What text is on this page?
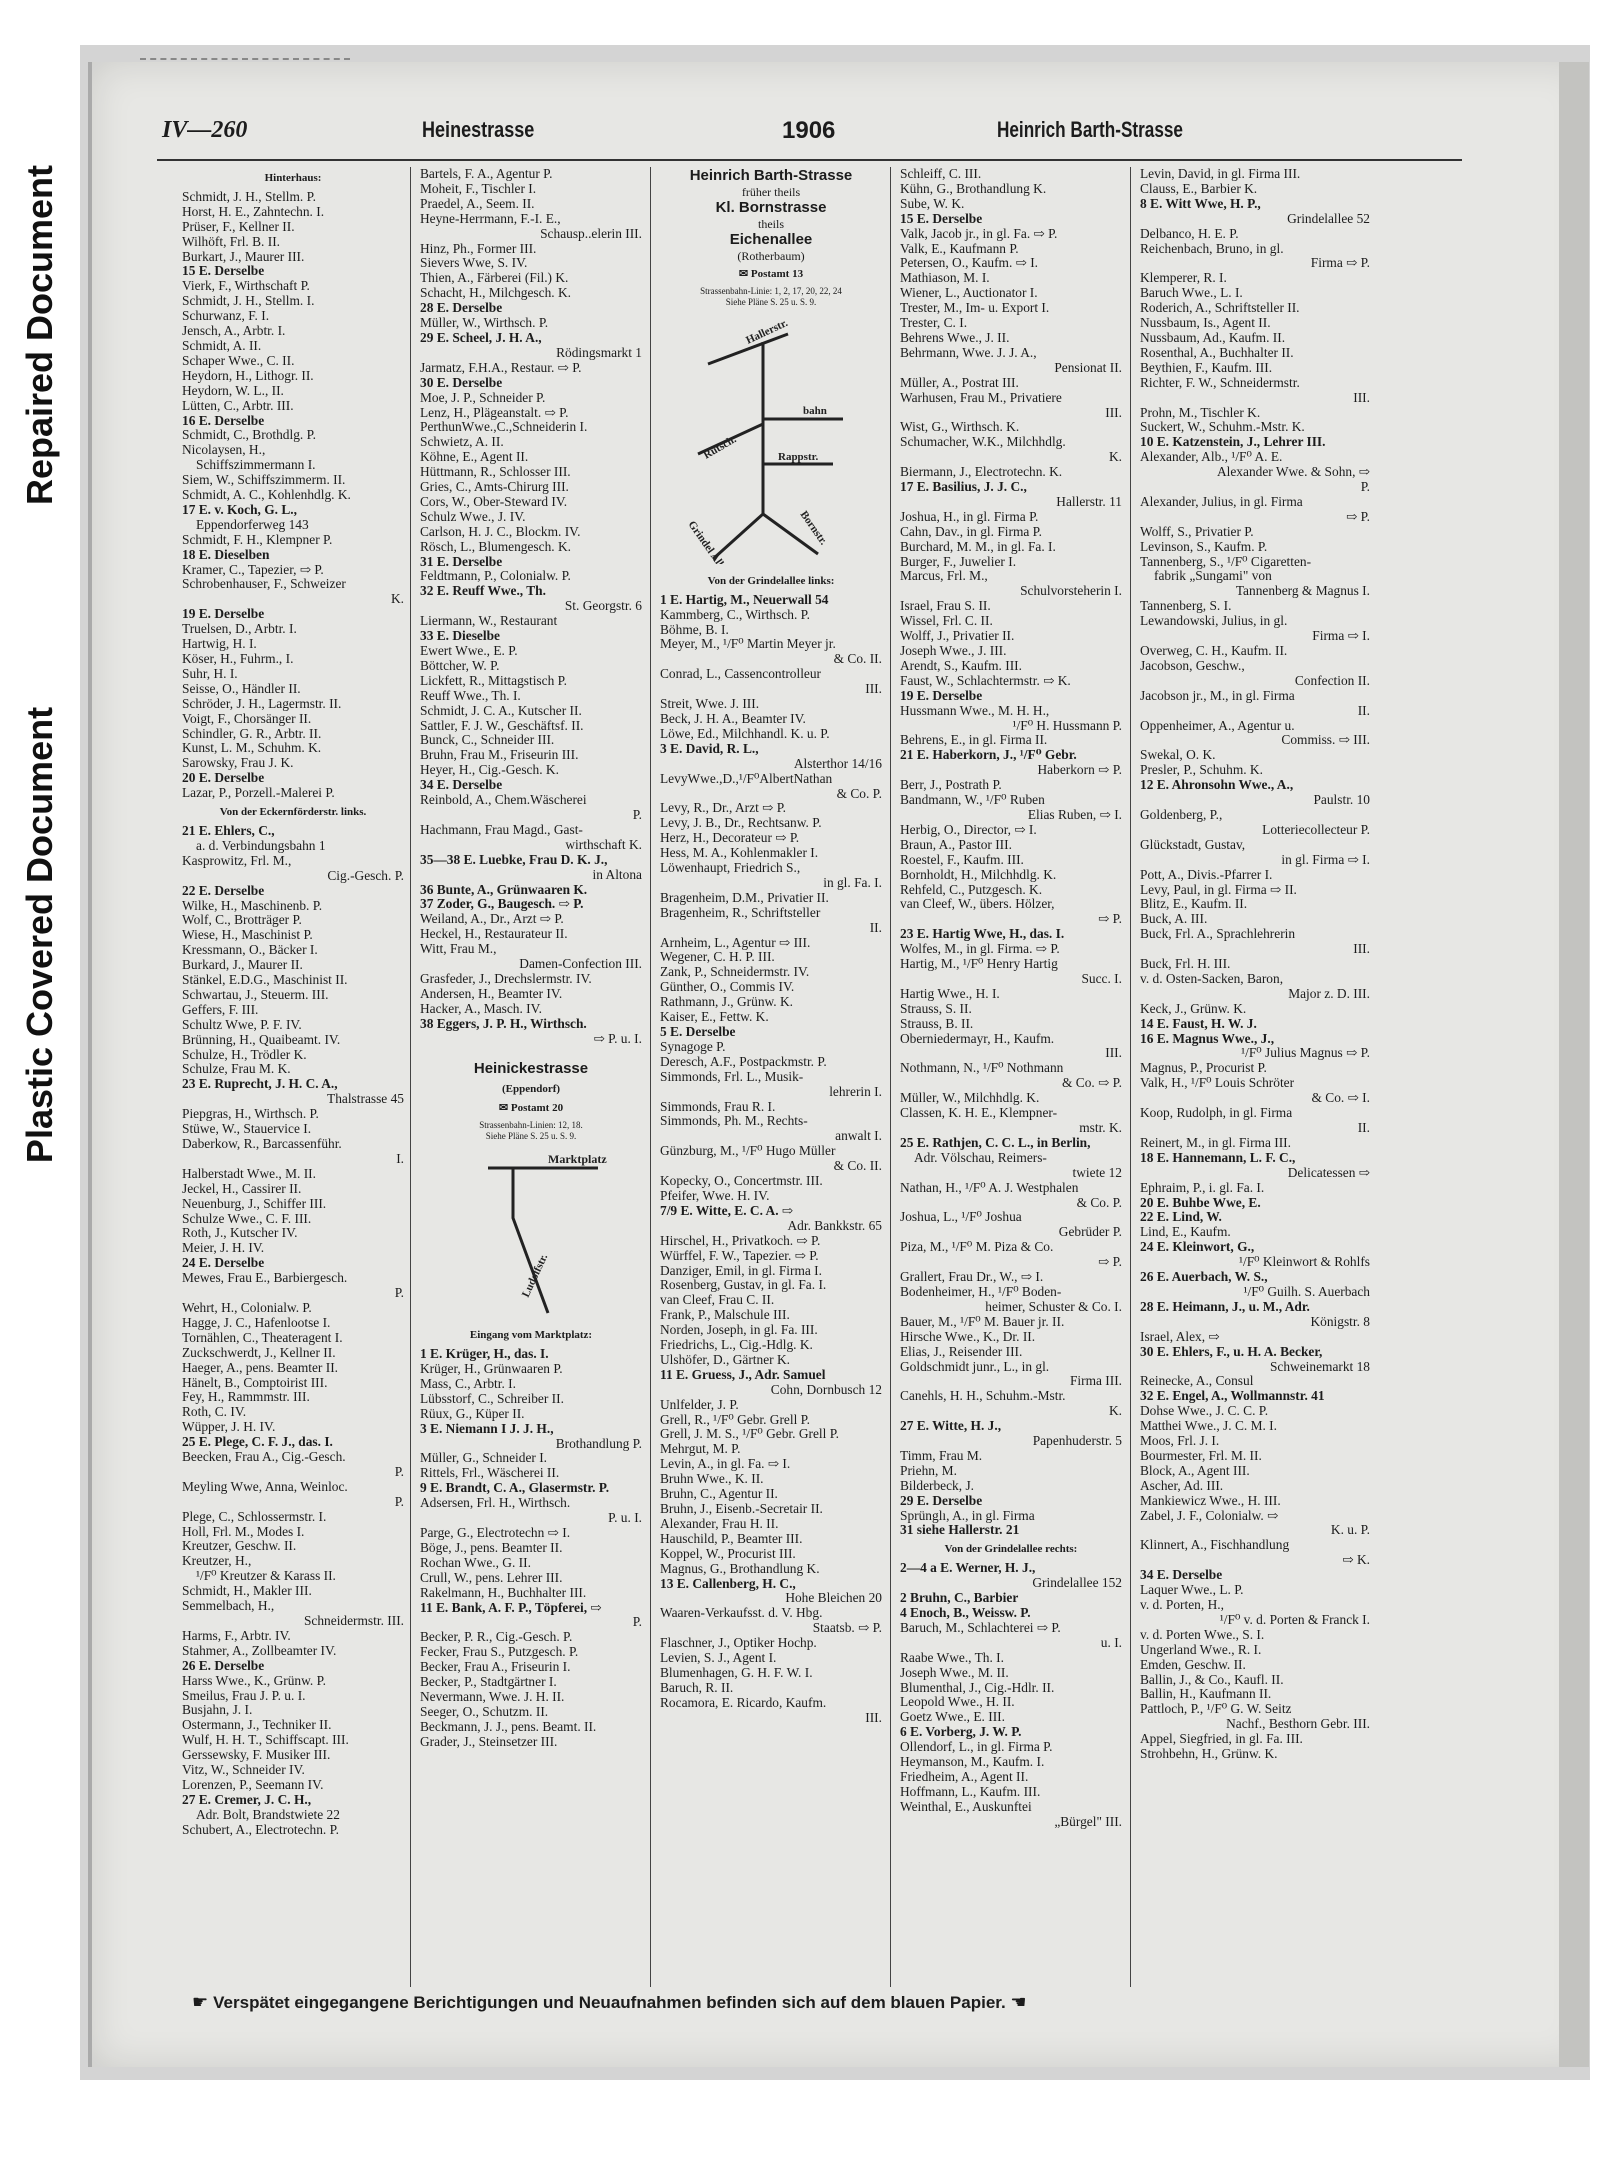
Repaired Document
Plastic Covered Document
IV—260	Heinestrasse	1906	Heinrich Barth-Strasse
Hinterhaus:
Schmidt, J. H., Stellm. P.
Horst, H. E., Zahntechn. I.
Prüser, F., Kellner II.
Wilhöft, Frl. B. II.
Burkart, J., Maurer III.
15 E. Derselbe
Vierk, F., Wirthschaft P.
Schmidt, J. H., Stellm. I.
Schurwanz, F. I.
Jensch, A., Arbtr. I.
Schmidt, A. II.
Schaper Wwe., C. II.
Heydorn, H., Lithogr. II.
Heydorn, W. L., II.
Lütten, C., Arbtr. III.
16 E. Derselbe
Schmidt, C., Brothdlg. P.
Nicolaysen, H.,
Schiffszimmermann I.
Siem, W., Schiffszimmerm. II.
Schmidt, A. C., Kohlenhdlg. K.
17 E. v. Koch, G. L.,
Eppendorferweg 143
Schmidt, F. H., Klempner P.
18 E. Dieselben
Kramer, C., Tapezier, ⇨ P.
Schrobenhauser, F., Schweizer
K.
19 E. Derselbe
Truelsen, D., Arbtr. I.
Hartwig, H. I.
Köser, H., Fuhrm., I.
Suhr, H. I.
Seisse, O., Händler II.
Schröder, J. H., Lagermstr. II.
Voigt, F., Chorsänger II.
Schindler, G. R., Arbtr. II.
Kunst, L. M., Schuhm. K.
Sarowsky, Frau J. K.
20 E. Derselbe
Lazar, P., Porzell.-Malerei P.
Von der Eckernförderstr. links.
21 E. Ehlers, C.,
a. d. Verbindungsbahn 1
Kasprowitz, Frl. M.,
Cig.-Gesch. P.
22 E. Derselbe
Wilke, H., Maschinenb. P.
Wolf, C., Brotträger P.
Wiese, H., Maschinist P.
Kressmann, O., Bäcker I.
Burkard, J., Maurer II.
Stänkel, E.D.G., Maschinist II.
Schwartau, J., Steuerm. III.
Geffers, F. III.
Schultz Wwe, P. F. IV.
Brünning, H., Quaibeamt. IV.
Schulze, H., Trödler K.
Schulze, Frau M. K.
23 E. Ruprecht, J. H. C. A.,
Thalstrasse 45
Piepgras, H., Wirthsch. P.
Stüwe, W., Stauervice I.
Daberkow, R., Barcassenführ.
I.
Halberstadt Wwe., M. II.
Jeckel, H., Cassirer II.
Neuenburg, J., Schiffer III.
Schulze Wwe., C. F. III.
Roth, J., Kutscher IV.
Meier, J. H. IV.
24 E. Derselbe
Mewes, Frau E., Barbiergesch.
P.
Wehrt, H., Colonialw. P.
Hagge, J. C., Hafenlootse I.
Tornählen, C., Theateragent I.
Zuckschwerdt, J., Kellner II.
Haeger, A., pens. Beamter II.
Hänelt, B., Comptoirist III.
Fey, H., Rammmstr. III.
Roth, C. IV.
Wüpper, J. H. IV.
25 E. Plege, C. F. J., das. I.
Beecken, Frau A., Cig.-Gesch.
P.
Meyling Wwe, Anna, Weinloc.
P.
Plege, C., Schlossermstr. I.
Holl, Frl. M., Modes I.
Kreutzer, Geschw. II.
Kreutzer, H.,
¹/F⁰ Kreutzer & Karass II.
Schmidt, H., Makler III.
Semmelbach, H.,
Schneidermstr. III.
Harms, F., Arbtr. IV.
Stahmer, A., Zollbeamter IV.
26 E. Derselbe
Harss Wwe., K., Grünw. P.
Smeilus, Frau J. P. u. I.
Busjahn, J. I.
Ostermann, J., Techniker II.
Wulf, H. H. T., Schiffscapt. III.
Gerssewsky, F. Musiker III.
Vitz, W., Schneider IV.
Lorenzen, P., Seemann IV.
27 E. Cremer, J. C. H.,
Adr. Bolt, Brandstwiete 22
Schubert, A., Electrotechn. P.
Bartels, F. A., Agentur P.
Moheit, F., Tischler I.
Praedel, A., Seem. II.
Heyne-Herrmann, F.-I. E.,
Schausp..elerin III.
Hinz, Ph., Former III.
Sievers Wwe, S. IV.
Thien, A., Färberei (Fil.) K.
Schacht, H., Milchgesch. K.
28 E. Derselbe
Müller, W., Wirthsch. P.
29 E. Scheel, J. H. A.,
Rödingsmarkt 1
Jarmatz, F.H.A., Restaur. ⇨ P.
30 E. Derselbe
Moe, J. P., Schneider P.
Lenz, H., Plägeanstalt. ⇨ P.
PerthunWwe.,C.,Schneiderin I.
Schwietz, A. II.
Köhne, E., Agent II.
Hüttmann, R., Schlosser III.
Gries, C., Amts-Chirurg III.
Cors, W., Ober-Steward IV.
Schulz Wwe., J. IV.
Carlson, H. J. C., Blockm. IV.
Rösch, L., Blumengesch. K.
31 E. Derselbe
Feldtmann, P., Colonialw. P.
32 E. Reuff Wwe., Th.
St. Georgstr. 6
Liermann, W., Restaurant
33 E. Dieselbe
Ewert Wwe., E. P.
Böttcher, W. P.
Lickfett, R., Mittagstisch P.
Reuff Wwe., Th. I.
Schmidt, J. C. A., Kutscher II.
Sattler, F. J. W., Geschäftsf. II.
Bunck, C., Schneider III.
Bruhn, Frau M., Friseurin III.
Heyer, H., Cig.-Gesch. K.
34 E. Derselbe
Reinbold, A., Chem.Wäscherei
P.
Hachmann, Frau Magd., Gast-
wirthschaft K.
35—38 E. Luebke, Frau D. K. J.,
in Altona
36 Bunte, A., Grünwaaren K.
37 Zoder, G., Baugesch. ⇨ P.
Weiland, A., Dr., Arzt ⇨ P.
Heckel, H., Restaurateur II.
Witt, Frau M.,
Damen-Confection III.
Grasfeder, J., Drechslermstr. IV.
Andersen, H., Beamter IV.
Hacker, A., Masch. IV.
38 Eggers, J. P. H., Wirthsch.
⇨ P. u. I.
Heinickestrasse
(Eppendorf)
✉ Postamt 20
Strassenbahn-Linien: 12, 18.
Siehe Pläne S. 25 u. S. 9.
Marktplatz
Ludolfstr.
Eingang vom Marktplatz:
1 E. Krüger, H., das. I.
Krüger, H., Grünwaaren P.
Mass, C., Arbtr. I.
Lübsstorf, C., Schreiber II.
Rüux, G., Küper II.
3 E. Niemann I J. J. H.,
Brothandlung P.
Müller, G., Schneider I.
Rittels, Frl., Wäscherei II.
9 E. Brandt, C. A., Glasermstr. P.
Adsersen, Frl. H., Wirthsch.
P. u. I.
Parge, G., Electrotechn ⇨ I.
Böge, J., pens. Beamter II.
Rochan Wwe., G. II.
Crull, W., pens. Lehrer III.
Rakelmann, H., Buchhalter III.
11 E. Bank, A. F. P., Töpferei, ⇨
P.
Becker, P. R., Cig.-Gesch. P.
Fecker, Frau S., Putzgesch. P.
Becker, Frau A., Friseurin I.
Becker, P., Stadtgärtner I.
Nevermann, Wwe. J. H. II.
Seeger, O., Schutzm. II.
Beckmann, J. J., pens. Beamt. II.
Grader, J., Steinsetzer III.
Heinrich Barth-Strasse
früher theils
Kl. Bornstrasse
theils
Eichenallee
(Rotherbaum)
✉ Postamt 13
Strassenbahn-Linie: 1, 2, 17, 20, 22, 24
Siehe Pläne S. 25 u. S. 9.
Hallerstr.
bahn
Rutsch.	Rappstr.
Bornstr.
Grindel Allee
Von der Grindelallee links:
1 E. Hartig, M., Neuerwall 54
Kammberg, C., Wirthsch. P.
Böhme, B. I.
Meyer, M., ¹/F⁰ Martin Meyer jr.
& Co. II.
Conrad, L., Cassencontrolleur
III.
Streit, Wwe. J. III.
Beck, J. H. A., Beamter IV.
Löwe, Ed., Milchhandl. K. u. P.
3 E. David, R. L.,
Alsterthor 14/16
LevyWwe.,D.,¹/F⁰AlbertNathan
& Co. P.
Levy, R., Dr., Arzt ⇨ P.
Levy, J. B., Dr., Rechtsanw. P.
Herz, H., Decorateur ⇨ P.
Hess, M. A., Kohlenmakler I.
Löwenhaupt, Friedrich S.,
in gl. Fa. I.
Bragenheim, D.M., Privatier II.
Bragenheim, R., Schriftsteller
II.
Arnheim, L., Agentur ⇨ III.
Wegener, C. H. P. III.
Zank, P., Schneidermstr. IV.
Günther, O., Commis IV.
Rathmann, J., Grünw. K.
Kaiser, E., Fettw. K.
5 E. Derselbe
Synagoge P.
Deresch, A.F., Postpackmstr. P.
Simmonds, Frl. L., Musik-
lehrerin I.
Simmonds, Frau R. I.
Simmonds, Ph. M., Rechts-
anwalt I.
Günzburg, M., ¹/F⁰ Hugo Müller
& Co. II.
Kopecky, O., Concertmstr. III.
Pfeifer, Wwe. H. IV.
7/9 E. Witte, E. C. A. ⇨
Adr. Bankkstr. 65
Hirschel, H., Privatkoch. ⇨ P.
Würffel, F. W., Tapezier. ⇨ P.
Danziger, Emil, in gl. Firma I.
Rosenberg, Gustav, in gl. Fa. I.
van Cleef, Frau C. II.
Frank, P., Malschule III.
Norden, Joseph, in gl. Fa. III.
Friedrichs, L., Cig.-Hdlg. K.
Ulshöfer, D., Gärtner K.
11 E. Gruess, J., Adr. Samuel
Cohn, Dornbusch 12
Unlfelder, J. P.
Grell, R., ¹/F⁰ Gebr. Grell P.
Grell, J. M. S., ¹/F⁰ Gebr. Grell P.
Mehrgut, M. P.
Levin, A., in gl. Fa. ⇨ I.
Bruhn Wwe., K. II.
Bruhn, C., Agentur II.
Bruhn, J., Eisenb.-Secretair II.
Alexander, Frau H. II.
Hauschild, P., Beamter III.
Koppel, W., Procurist III.
Magnus, G., Brothandlung K.
13 E. Callenberg, H. C.,
Hohe Bleichen 20
Waaren-Verkaufsst. d. V. Hbg.
Staatsb. ⇨ P.
Flaschner, J., Optiker Hochp.
Levien, S. J., Agent I.
Blumenhagen, G. H. F. W. I.
Baruch, R. II.
Rocamora, E. Ricardo, Kaufm.
III.
Schleiff, C. III.
Kühn, G., Brothandlung K.
Sube, W. K.
15 E. Derselbe
Valk, Jacob jr., in gl. Fa. ⇨ P.
Valk, E., Kaufmann P.
Petersen, O., Kaufm. ⇨ I.
Mathiason, M. I.
Wiener, L., Auctionator I.
Trester, M., Im- u. Export I.
Trester, C. I.
Behrens Wwe., J. II.
Behrmann, Wwe. J. J. A.,
Pensionat II.
Müller, A., Postrat III.
Warhusen, Frau M., Privatiere
III.
Wist, G., Wirthsch. K.
Schumacher, W.K., Milchhdlg.
K.
Biermann, J., Electrotechn. K.
17 E. Basilius, J. J. C.,
Hallerstr. 11
Joshua, H., in gl. Firma P.
Cahn, Dav., in gl. Firma P.
Burchard, M. M., in gl. Fa. I.
Burger, F., Juwelier I.
Marcus, Frl. M.,
Schulvorsteherin I.
Israel, Frau S. II.
Wissel, Frl. C. II.
Wolff, J., Privatier II.
Joseph Wwe., J. III.
Arendt, S., Kaufm. III.
Faust, W., Schlachtermstr. ⇨ K.
19 E. Derselbe
Hussmann Wwe., M. H. H.,
¹/F⁰ H. Hussmann P.
Behrens, E., in gl. Firma II.
21 E. Haberkorn, J., ¹/F⁰ Gebr.
Haberkorn ⇨ P.
Berr, J., Postrath P.
Bandmann, W., ¹/F⁰ Ruben
Elias Ruben, ⇨ I.
Herbig, O., Director, ⇨ I.
Braun, A., Pastor III.
Roestel, F., Kaufm. III.
Bornholdt, H., Milchhdlg. K.
Rehfeld, C., Putzgesch. K.
van Cleef, W., übers. Hölzer,
⇨ P.
23 E. Hartig Wwe, H., das. I.
Wolfes, M., in gl. Firma. ⇨ P.
Hartig, M., ¹/F⁰ Henry Hartig
Succ. I.
Hartig Wwe., H. I.
Strauss, S. II.
Strauss, B. II.
Oberniedermayr, H., Kaufm.
III.
Nothmann, N., ¹/F⁰ Nothmann
& Co. ⇨ P.
Müller, W., Milchhdlg. K.
Classen, K. H. E., Klempner-
mstr. K.
25 E. Rathjen, C. C. L., in Berlin,
Adr. Völschau, Reimers-
twiete 12
Nathan, H., ¹/F⁰ A. J. Westphalen
& Co. P.
Joshua, L., ¹/F⁰ Joshua
Gebrüder P.
Piza, M., ¹/F⁰ M. Piza & Co.
⇨ P.
Grallert, Frau Dr., W., ⇨ I.
Bodenheimer, H., ¹/F⁰ Boden-
heimer, Schuster & Co. I.
Bauer, M., ¹/F⁰ M. Bauer jr. II.
Hirsche Wwe., K., Dr. II.
Elias, J., Reisender III.
Goldschmidt junr., L., in gl.
Firma III.
Canehls, H. H., Schuhm.-Mstr.
K.
27 E. Witte, H. J.,
Papenhuderstr. 5
Timm, Frau M.
Priehn, M.
Bilderbeck, J.
29 E. Derselbe
Sprünglı, A., in gl. Firma
31 siehe Hallerstr. 21
Von der Grindelallee rechts:
2—4 a E. Werner, H. J.,
Grindelallee 152
2 Bruhn, C., Barbier
4 Enoch, B., Weissw. P.
Baruch, M., Schlachterei ⇨ P.
u. I.
Raabe Wwe., Th. I.
Joseph Wwe., M. II.
Blumenthal, J., Cig.-Hdlr. II.
Leopold Wwe., H. II.
Goetz Wwe., E. III.
6 E. Vorberg, J. W. P.
Ollendorf, L., in gl. Firma P.
Heymanson, M., Kaufm. I.
Friedheim, A., Agent II.
Hoffmann, L., Kaufm. III.
Weinthal, E., Auskunftei
„Bürgel" III.
Levin, David, in gl. Firma III.
Clauss, E., Barbier K.
8 E. Witt Wwe, H. P.,
Grindelallee 52
Delbanco, H. E. P.
Reichenbach, Bruno, in gl.
Firma ⇨ P.
Klemperer, R. I.
Baruch Wwe., L. I.
Roderich, A., Schriftsteller II.
Nussbaum, Is., Agent II.
Nussbaum, Ad., Kaufm. II.
Rosenthal, A., Buchhalter II.
Beythien, F., Kaufm. III.
Richter, F. W., Schneidermstr.
III.
Prohn, M., Tischler K.
Suckert, W., Schuhm.-Mstr. K.
10 E. Katzenstein, J., Lehrer III.
Alexander, Alb., ¹/F⁰ A. E.
Alexander Wwe. & Sohn, ⇨
P.
Alexander, Julius, in gl. Firma
⇨ P.
Wolff, S., Privatier P.
Levinson, S., Kaufm. P.
Tannenberg, S., ¹/F⁰ Cigaretten-
fabrik „Sungami" von
Tannenberg & Magnus I.
Tannenberg, S. I.
Lewandowski, Julius, in gl.
Firma ⇨ I.
Overweg, C. H., Kaufm. II.
Jacobson, Geschw.,
Confection II.
Jacobson jr., M., in gl. Firma
II.
Oppenheimer, A., Agentur u.
Commiss. ⇨ III.
Swekal, O. K.
Presler, P., Schuhm. K.
12 E. Ahronsohn Wwe., A.,
Paulstr. 10
Goldenberg, P.,
Lotteriecollecteur P.
Glückstadt, Gustav,
in gl. Firma ⇨ I.
Pott, A., Divis.-Pfarrer I.
Levy, Paul, in gl. Firma ⇨ II.
Blitz, E., Kaufm. II.
Buck, A. III.
Buck, Frl. A., Sprachlehrerin
III.
Buck, Frl. H. III.
v. d. Osten-Sacken, Baron,
Major z. D. III.
Keck, J., Grünw. K.
14 E. Faust, H. W. J.
16 E. Magnus Wwe., J.,
¹/F⁰ Julius Magnus ⇨ P.
Magnus, P., Procurist P.
Valk, H., ¹/F⁰ Louis Schröter
& Co. ⇨ I.
Koop, Rudolph, in gl. Firma
II.
Reinert, M., in gl. Firma III.
18 E. Hannemann, L. F. C.,
Delicatessen ⇨
Ephraim, P., i. gl. Fa. I.
20 E. Buhbe Wwe, E.
22 E. Lind, W.
Lind, E., Kaufm.
24 E. Kleinwort, G.,
¹/F⁰ Kleinwort & Rohlfs
26 E. Auerbach, W. S.,
¹/F⁰ Guilh. S. Auerbach
28 E. Heimann, J., u. M., Adr.
Königstr. 8
Israel, Alex, ⇨
30 E. Ehlers, F., u. H. A. Becker,
Schweinemarkt 18
Reinecke, A., Consul
32 E. Engel, A., Wollmannstr. 41
Dohse Wwe., J. C. C. P.
Matthei Wwe., J. C. M. I.
Moos, Frl. J. I.
Bourmester, Frl. M. II.
Block, A., Agent III.
Ascher, Ad. III.
Mankiewicz Wwe., H. III.
Zabel, J. F., Colonialw. ⇨
K. u. P.
Klinnert, A., Fischhandlung
⇨ K.
34 E. Derselbe
Laquer Wwe., L. P.
v. d. Porten, H.,
¹/F⁰ v. d. Porten & Franck I.
v. d. Porten Wwe., S. I.
Ungerland Wwe., R. I.
Emden, Geschw. II.
Ballin, J., & Co., Kaufl. II.
Ballin, H., Kaufmann II.
Pattloch, P., ¹/F⁰ G. W. Seitz
Nachf., Besthorn Gebr. III.
Appel, Siegfried, in gl. Fa. III.
Strohbehn, H., Grünw. K.
☛ Verspätet eingegangene Berichtigungen und Neuaufnahmen befinden sich auf dem blauen Papier. ☚
